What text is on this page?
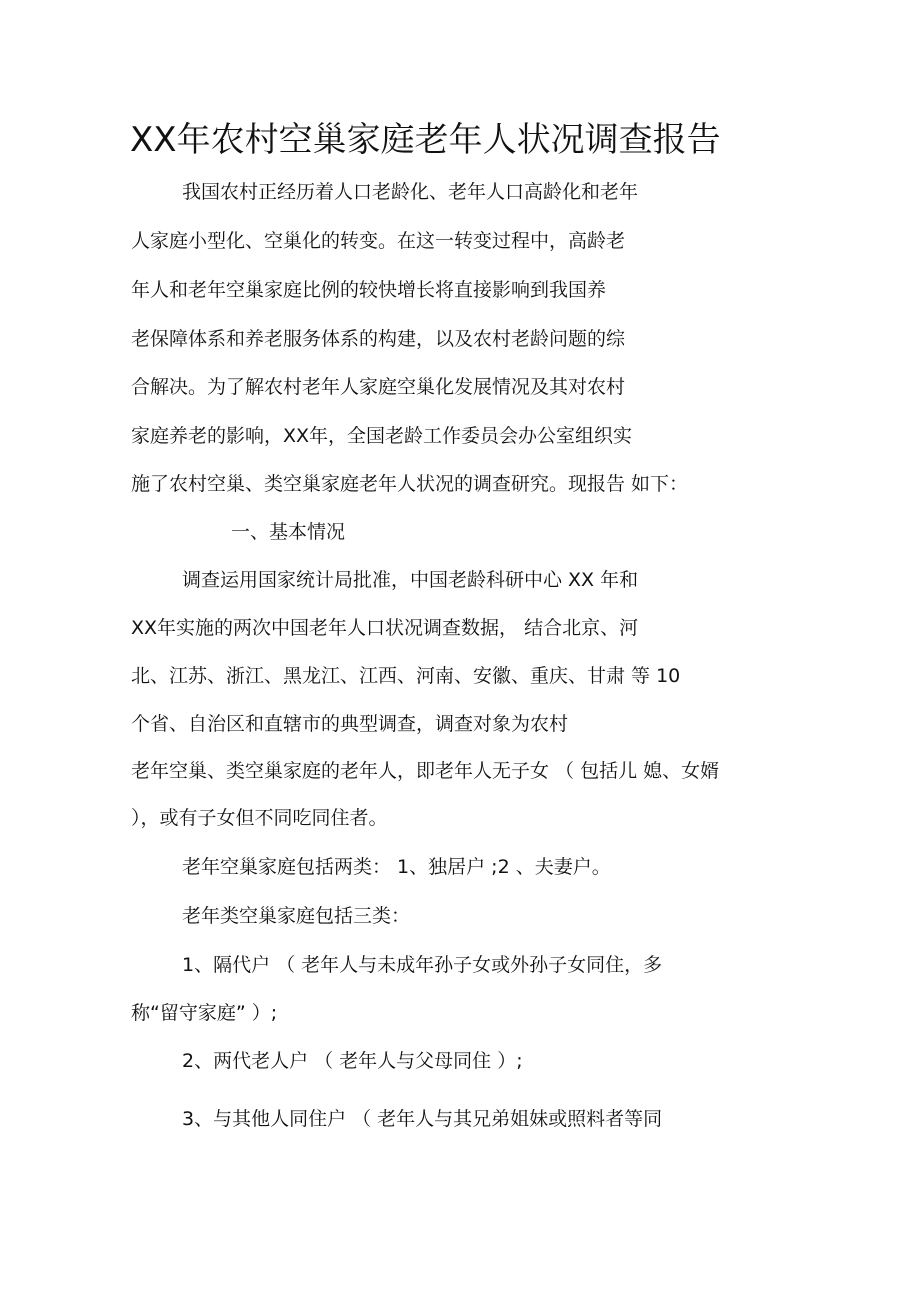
XX年农村空巢家庭老年人状况调查报告
我国农村正经历着人口老龄化、老年人口高龄化和老年
人家庭小型化、空巢化的转变。在这一转变过程中，高龄老
年人和老年空巢家庭比例的较快增长将直接影响到我国养
老保障体系和养老服务体系的构建，以及农村老龄问题的综
合解决。为了解农村老年人家庭空巢化发展情况及其对农村
家庭养老的影响，XX年，全国老龄工作委员会办公室组织实
施了农村空巢、类空巢家庭老年人状况的调查研究。现报告 如下：
一、基本情况
调查运用国家统计局批准，中国老龄科研中心 XX 年和
XX年实施的两次中国老年人口状况调查数据， 结合北京、河
北、江苏、浙江、黑龙江、江西、河南、安徽、重庆、甘肃 等 10
个省、自治区和直辖市的典型调查，调查对象为农村
老年空巢、类空巢家庭的老年人，即老年人无子女 （ 包括儿 媳、女婿
），或有子女但不同吃同住者。
老年空巢家庭包括两类： 1、独居户 ;2 、夫妻户。
老年类空巢家庭包括三类：
1、隔代户 （ 老年人与未成年孙子女或外孙子女同住，多
称“留守家庭” ）;
2、两代老人户 （ 老年人与父母同住 ）;
3、与其他人同住户 （ 老年人与其兄弟姐妹或照料者等同
